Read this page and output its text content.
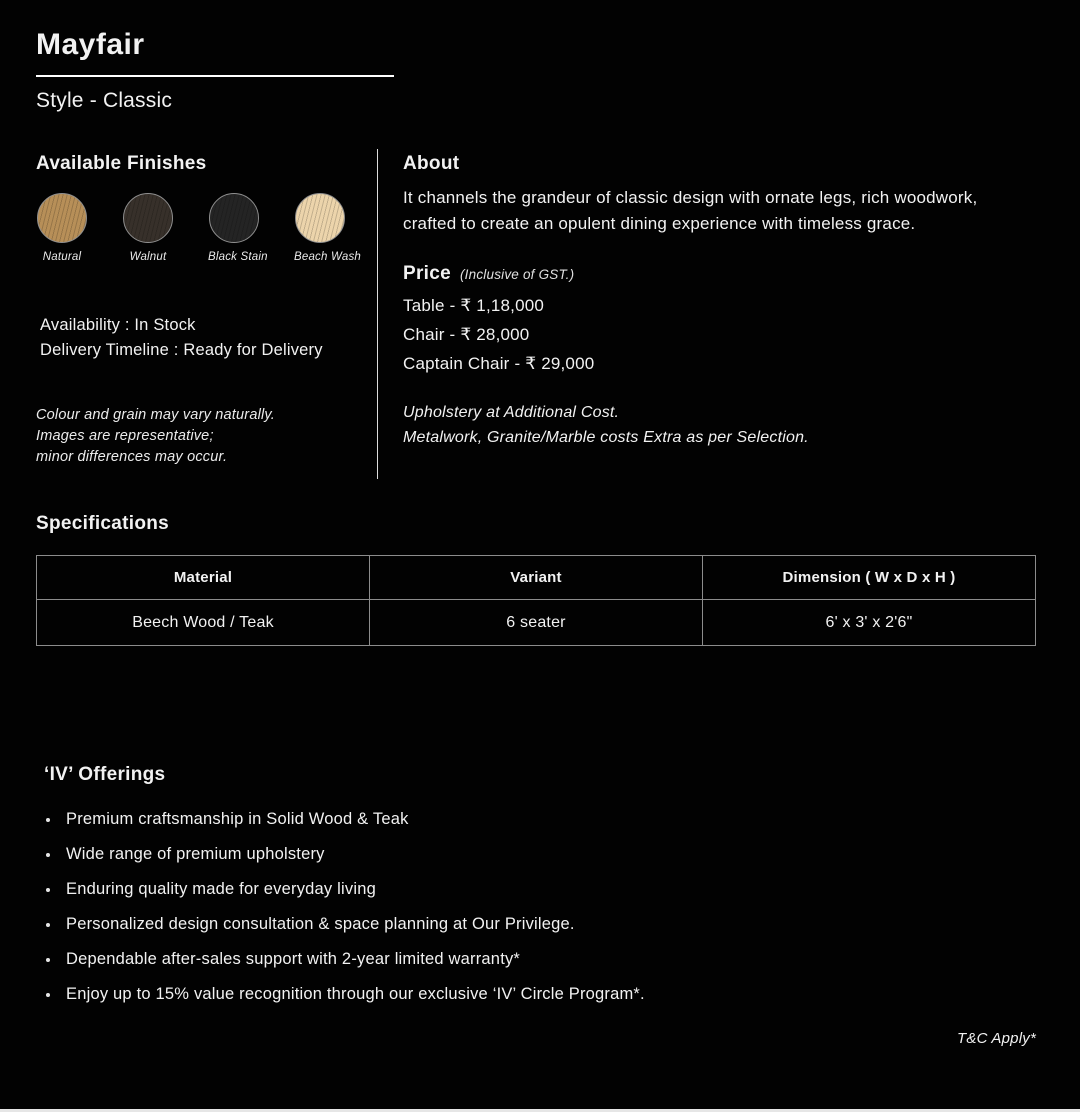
Mayfair
Style - Classic
Available Finishes
Natural	Walnut	Black Stain Beach Wash
Availability : In Stock
Delivery Timeline : Ready for Delivery
Colour and grain may vary naturally.
Images are representative;
minor differences may occur.
About

It channels the grandeur of classic design with ornate legs, rich woodwork, crafted to create an opulent dining experience with timeless grace.

Price (Inclusive of GST.)
Table - ₹ 1,18,000
Chair - ₹ 28,000
Captain Chair - ₹ 29,000
Upholstery at Additional Cost.
Metalwork, Granite/Marble costs Extra as per Selection.
Specifications
Material	Variant	Dimension ( W x D x H )
Beech Wood / Teak	6 seater	6' x 3' x 2'6"
‘IV’ Offerings
Premium craftsmanship in Solid Wood & Teak
Wide range of premium upholstery
Enduring quality made for everyday living
Personalized design consultation & space planning at Our Privilege.
Dependable after-sales support with 2-year limited warranty*
Enjoy up to 15% value recognition through our exclusive ‘IV’ Circle Program*.
T&C Apply*
